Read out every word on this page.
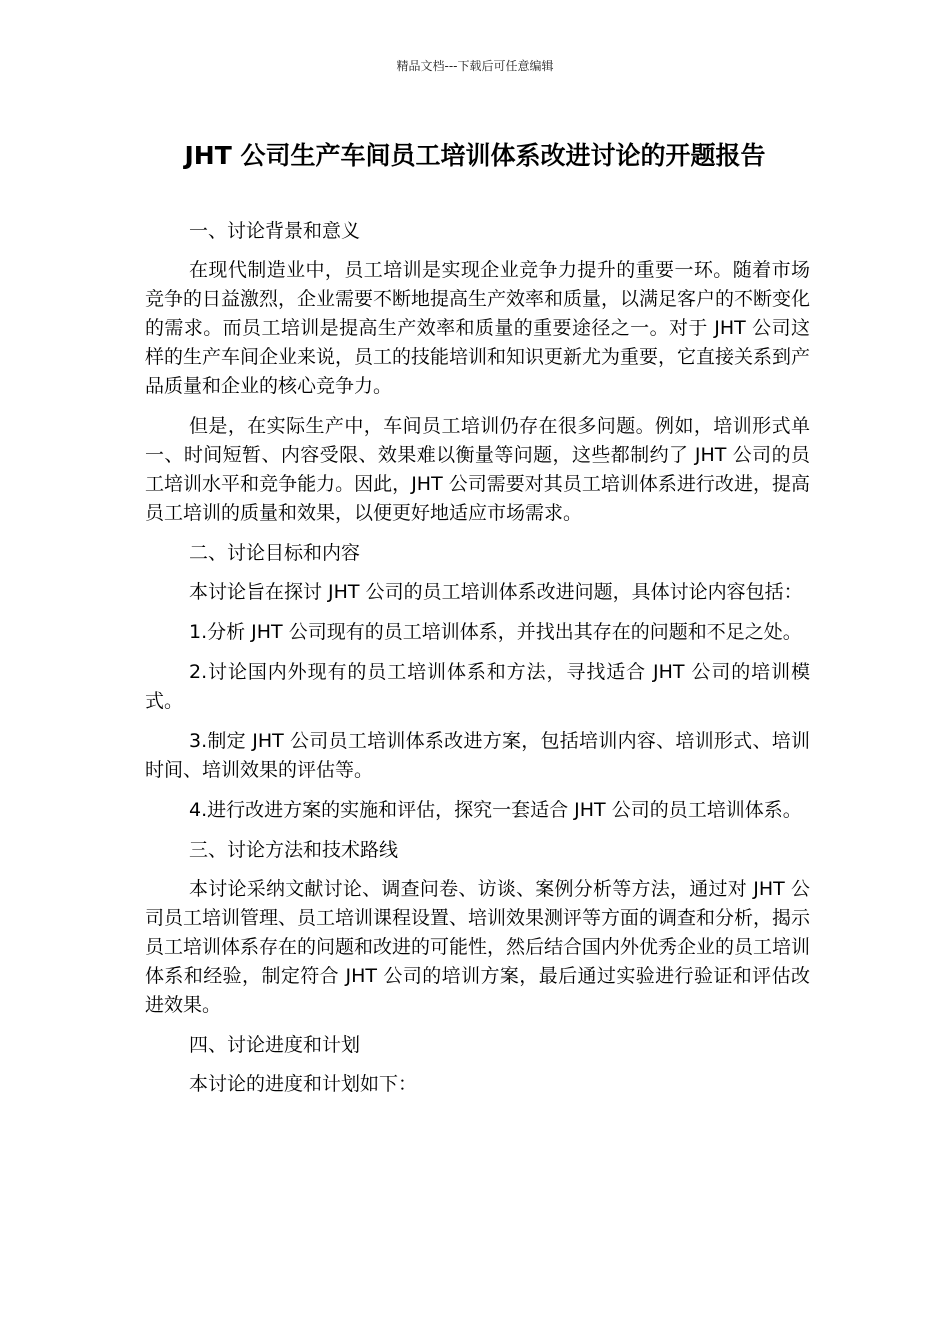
精品文档---下载后可任意编辑
JHT 公司生产车间员工培训体系改进讨论的开题报告

一、讨论背景和意义

在现代制造业中，员工培训是实现企业竞争力提升的重要一环。随着市场竞争的日益激烈，企业需要不断地提高生产效率和质量，以满足客户的不断变化的需求。而员工培训是提高生产效率和质量的重要途径之一。对于 JHT 公司这样的生产车间企业来说，员工的技能培训和知识更新尤为重要，它直接关系到产品质量和企业的核心竞争力。

但是，在实际生产中，车间员工培训仍存在很多问题。例如，培训形式单一、时间短暂、内容受限、效果难以衡量等问题，这些都制约了 JHT 公司的员工培训水平和竞争能力。因此，JHT 公司需要对其员工培训体系进行改进，提高员工培训的质量和效果，以便更好地适应市场需求。

二、讨论目标和内容

本讨论旨在探讨 JHT 公司的员工培训体系改进问题，具体讨论内容包括：

1.分析 JHT 公司现有的员工培训体系，并找出其存在的问题和不足之处。

2.讨论国内外现有的员工培训体系和方法，寻找适合 JHT 公司的培训模式。

3.制定 JHT 公司员工培训体系改进方案，包括培训内容、培训形式、培训时间、培训效果的评估等。

4.进行改进方案的实施和评估，探究一套适合 JHT 公司的员工培训体系。

三、讨论方法和技术路线

本讨论采纳文献讨论、调查问卷、访谈、案例分析等方法，通过对 JHT 公司员工培训管理、员工培训课程设置、培训效果测评等方面的调查和分析，揭示员工培训体系存在的问题和改进的可能性，然后结合国内外优秀企业的员工培训体系和经验，制定符合 JHT 公司的培训方案，最后通过实验进行验证和评估改进效果。

四、讨论进度和计划

本讨论的进度和计划如下：
